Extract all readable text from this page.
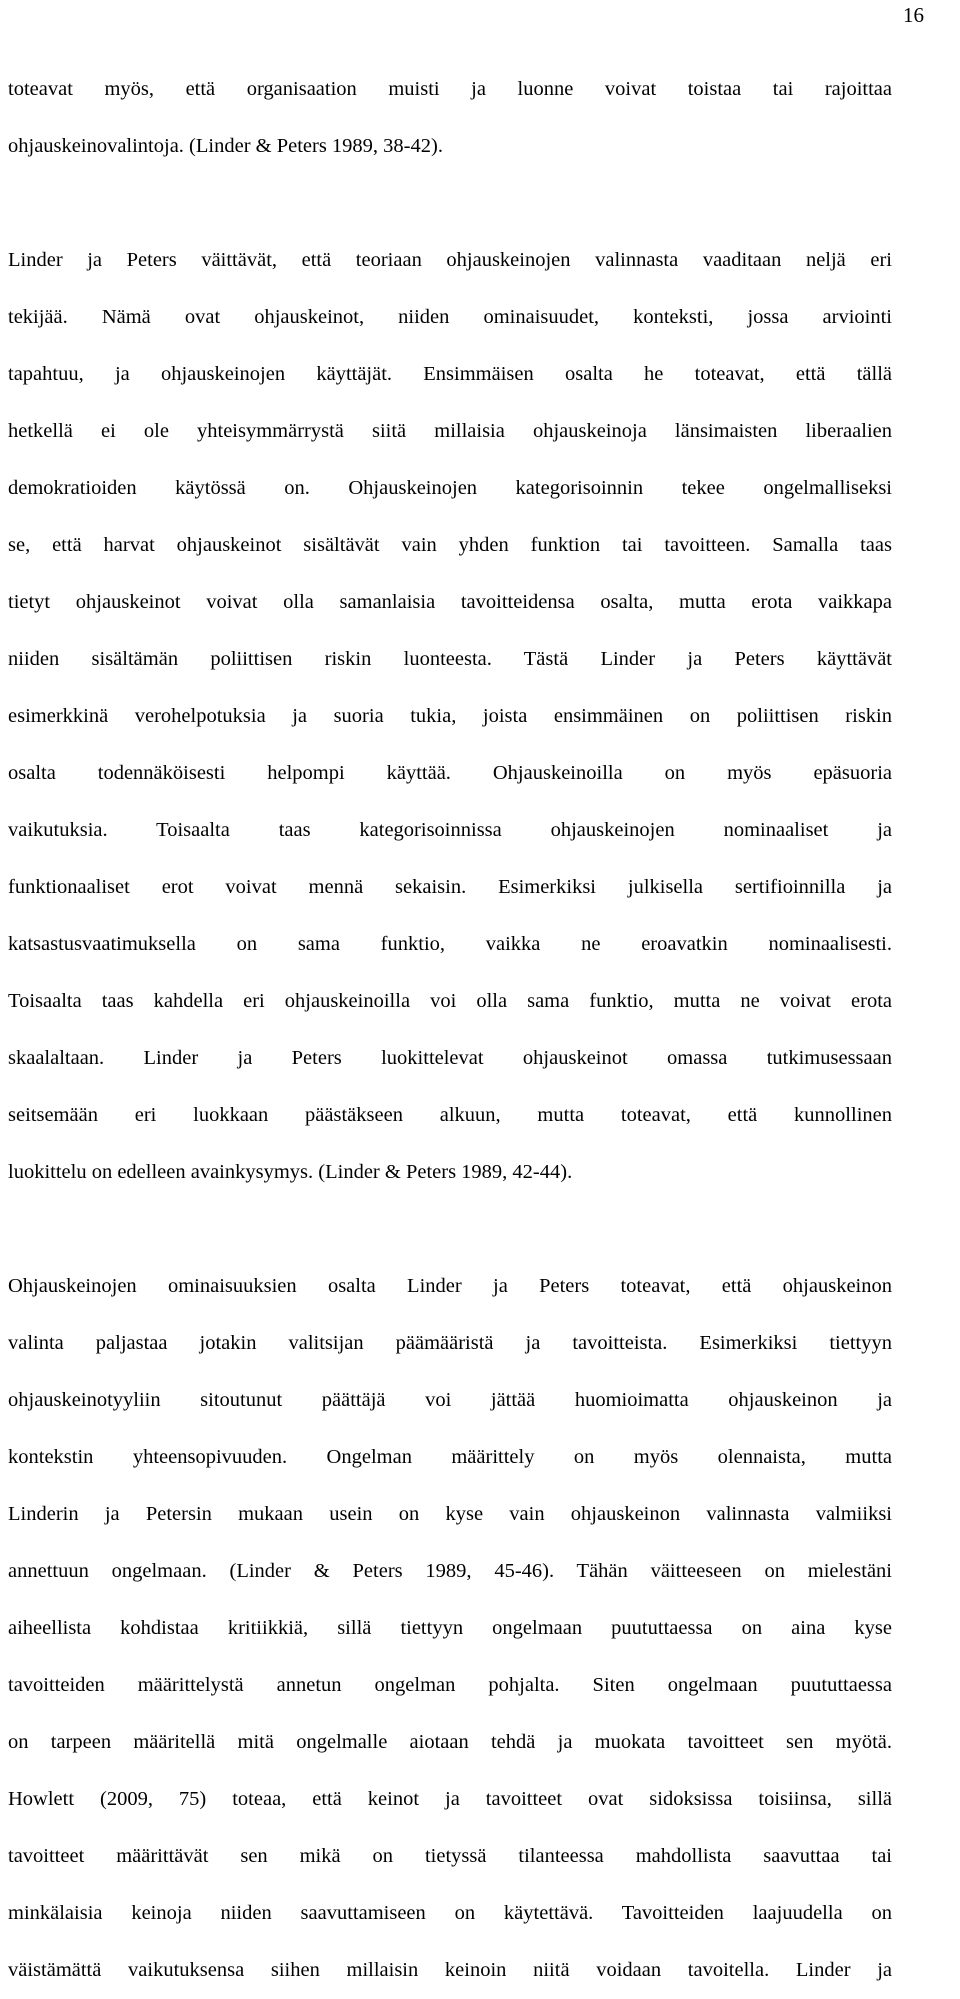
16
toteavat myös, että organisaation muisti ja luonne voivat toistaa tai rajoittaa
ohjauskeinovalintoja. (Linder & Peters 1989, 38-42).
Linder ja Peters väittävät, että teoriaan ohjauskeinojen valinnasta vaaditaan neljä eri
tekijää. Nämä ovat ohjauskeinot, niiden ominaisuudet, konteksti, jossa arviointi
tapahtuu, ja ohjauskeinojen käyttäjät. Ensimmäisen osalta he toteavat, että tällä
hetkellä ei ole yhteisymmärrystä siitä millaisia ohjauskeinoja länsimaisten liberaalien
demokratioiden käytössä on. Ohjauskeinojen kategorisoinnin tekee ongelmalliseksi
se, että harvat ohjauskeinot sisältävät vain yhden funktion tai tavoitteen. Samalla taas
tietyt ohjauskeinot voivat olla samanlaisia tavoitteidensa osalta, mutta erota vaikkapa
niiden sisältämän poliittisen riskin luonteesta. Tästä Linder ja Peters käyttävät
esimerkkinä verohelpotuksia ja suoria tukia, joista ensimmäinen on poliittisen riskin
osalta todennäköisesti helpompi käyttää. Ohjauskeinoilla on myös epäsuoria
vaikutuksia. Toisaalta taas kategorisoinnissa ohjauskeinojen nominaaliset ja
funktionaaliset erot voivat mennä sekaisin. Esimerkiksi julkisella sertifioinnilla ja
katsastusvaatimuksella on sama funktio, vaikka ne eroavatkin nominaalisesti.
Toisaalta taas kahdella eri ohjauskeinoilla voi olla sama funktio, mutta ne voivat erota
skaalaltaan. Linder ja Peters luokittelevat ohjauskeinot omassa tutkimusessaan
seitsemään eri luokkaan päästäkseen alkuun, mutta toteavat, että kunnollinen
luokittelu on edelleen avainkysymys. (Linder & Peters 1989, 42-44).
Ohjauskeinojen ominaisuuksien osalta Linder ja Peters toteavat, että ohjauskeinon
valinta paljastaa jotakin valitsijan päämääristä ja tavoitteista. Esimerkiksi tiettyyn
ohjauskeinotyyliin sitoutunut päättäjä voi jättää huomioimatta ohjauskeinon ja
kontekstin yhteensopivuuden. Ongelman määrittely on myös olennaista, mutta
Linderin ja Petersin mukaan usein on kyse vain ohjauskeinon valinnasta valmiiksi
annettuun ongelmaan. (Linder & Peters 1989, 45-46). Tähän väitteeseen on mielestäni
aiheellista kohdistaa kritiikkiä, sillä tiettyyn ongelmaan puututtaessa on aina kyse
tavoitteiden määrittelystä annetun ongelman pohjalta. Siten ongelmaan puututtaessa
on tarpeen määritellä mitä ongelmalle aiotaan tehdä ja muokata tavoitteet sen myötä.
Howlett (2009, 75) toteaa, että keinot ja tavoitteet ovat sidoksissa toisiinsa, sillä
tavoitteet määrittävät sen mikä on tietyssä tilanteessa mahdollista saavuttaa tai
minkälaisia keinoja niiden saavuttamiseen on käytettävä. Tavoitteiden laajuudella on
väistämättä vaikutuksensa siihen millaisin keinoin niitä voidaan tavoitella. Linder ja
